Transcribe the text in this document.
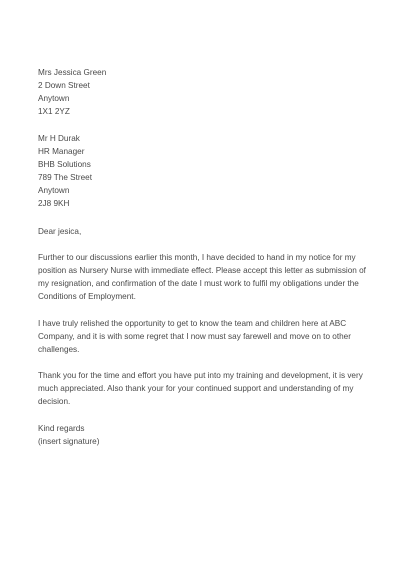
Mrs Jessica Green
2 Down Street
Anytown
1X1 2YZ
Mr H Durak
HR Manager
BHB Solutions
789 The Street
Anytown
2J8 9KH
Dear jesica,
Further to our discussions earlier this month, I have decided to hand in my notice for my
position as Nursery Nurse with immediate effect. Please accept this letter as submission of
my resignation, and confirmation of the date I must work to fulfil my obligations under the
Conditions of Employment.
I have truly relished the opportunity to get to know the team and children here at ABC
Company, and it is with some regret that I now must say farewell and move on to other
challenges.
Thank you for the time and effort you have put into my training and development, it is very
much appreciated. Also thank your for your continued support and understanding of my
decision.
Kind regards
(insert signature)
